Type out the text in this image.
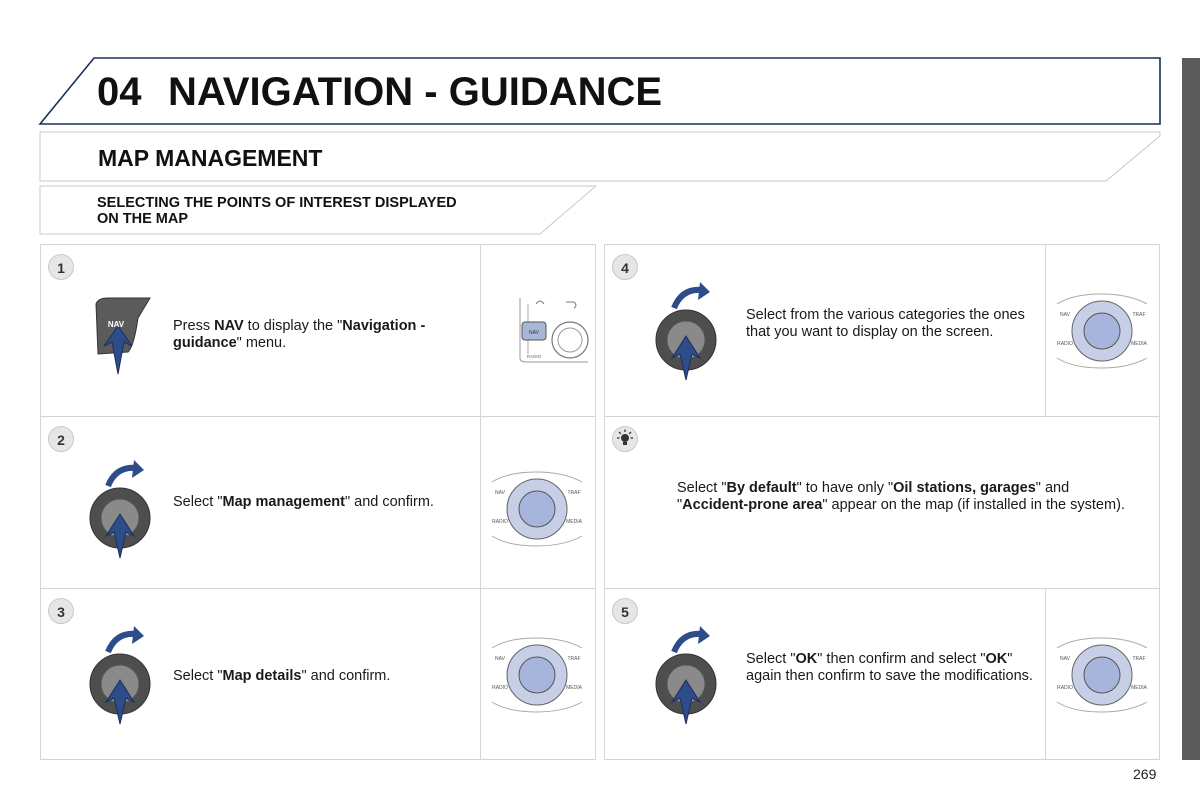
04 NAVIGATION - GUIDANCE
MAP MANAGEMENT
SELECTING THE POINTS OF INTEREST DISPLAYED
ON THE MAP
1
2
3
4
5
NAV	Press NAV to display the "Navigation - guidance" menu.
NAV
RADIO
NAV	TRAF
RADIO	MEDIA
NAV	TRAF
RADIO	MEDIA
NAV	TRAF
RADIO	MEDIA
NAV	TRAF
RADIO	MEDIA
Select "Map management" and confirm.
Select "Map details" and confirm.
Select from the various categories the ones that you want to display on the screen.
Select "By default" to have only "Oil stations, garages" and "Accident-prone area" appear on the map (if installed in the system).
Select "OK" then confirm and select "OK" again then confirm to save the modifications.
269
